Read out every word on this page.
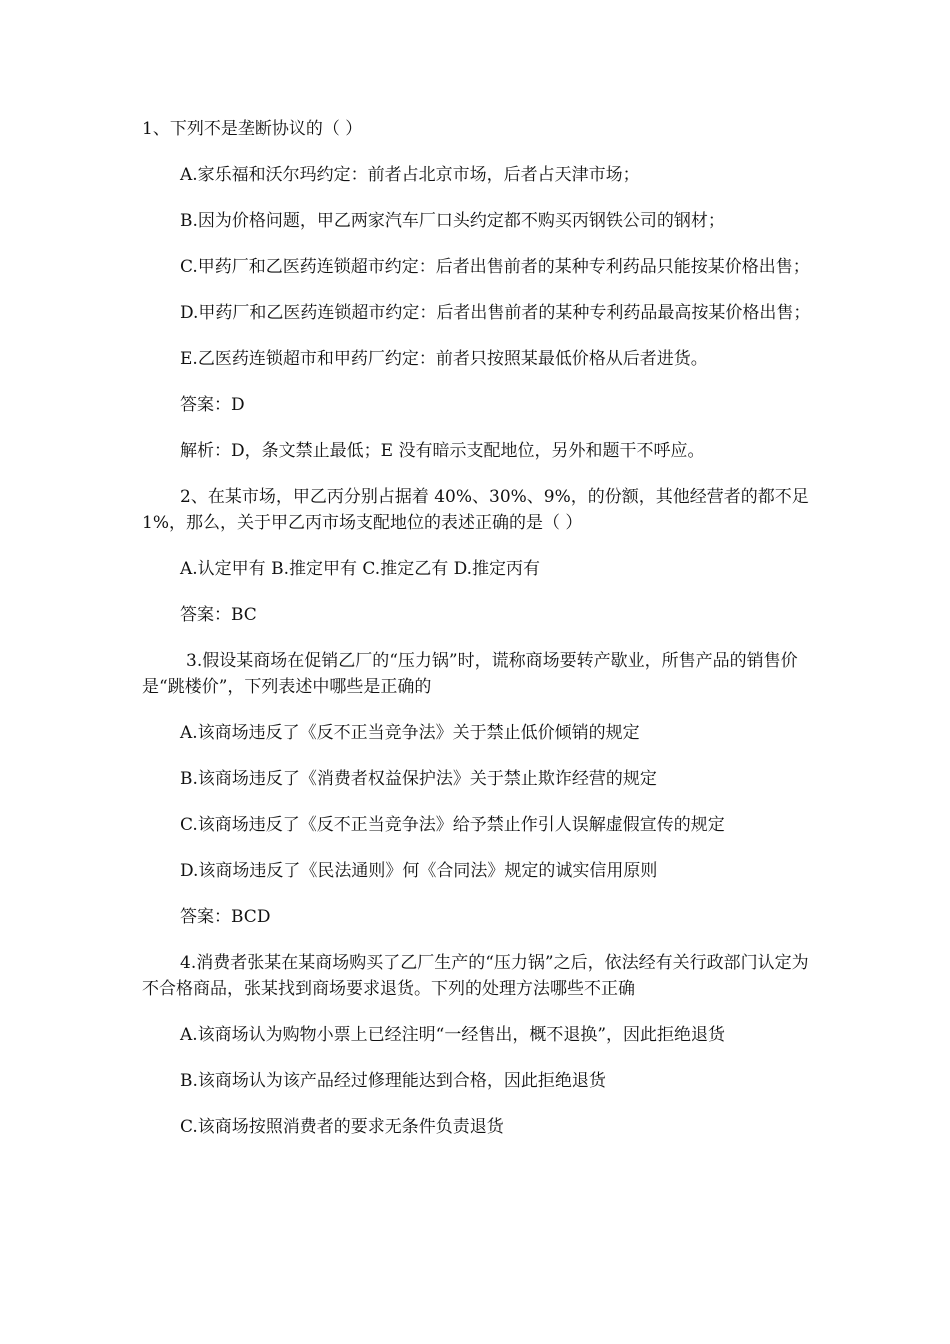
1、下列不是垄断协议的（ ）

A.家乐福和沃尔玛约定：前者占北京市场，后者占天津市场；

B.因为价格问题，甲乙两家汽车厂口头约定都不购买丙钢铁公司的钢材；

C.甲药厂和乙医药连锁超市约定：后者出售前者的某种专利药品只能按某价格出售；

D.甲药厂和乙医药连锁超市约定：后者出售前者的某种专利药品最高按某价格出售；

E.乙医药连锁超市和甲药厂约定：前者只按照某最低价格从后者进货。

答案：D

解析：D，条文禁止最低；E 没有暗示支配地位，另外和题干不呼应。

2、在某市场，甲乙丙分别占据着 40%、30%、9%，的份额，其他经营者的都不足 1%，那么，关于甲乙丙市场支配地位的表述正确的是（ ）

A.认定甲有 B.推定甲有 C.推定乙有 D.推定丙有

答案：BC

3.假设某商场在促销乙厂的“压力锅”时，谎称商场要转产歇业，所售产品的销售价是“跳楼价”，下列表述中哪些是正确的

A.该商场违反了《反不正当竞争法》关于禁止低价倾销的规定

B.该商场违反了《消费者权益保护法》关于禁止欺诈经营的规定

C.该商场违反了《反不正当竞争法》给予禁止作引人误解虚假宣传的规定

D.该商场违反了《民法通则》何《合同法》规定的诚实信用原则

答案：BCD

4.消费者张某在某商场购买了乙厂生产的“压力锅”之后，依法经有关行政部门认定为不合格商品，张某找到商场要求退货。下列的处理方法哪些不正确

A.该商场认为购物小票上已经注明“一经售出，概不退换”，因此拒绝退货

B.该商场认为该产品经过修理能达到合格，因此拒绝退货

C.该商场按照消费者的要求无条件负责退货
